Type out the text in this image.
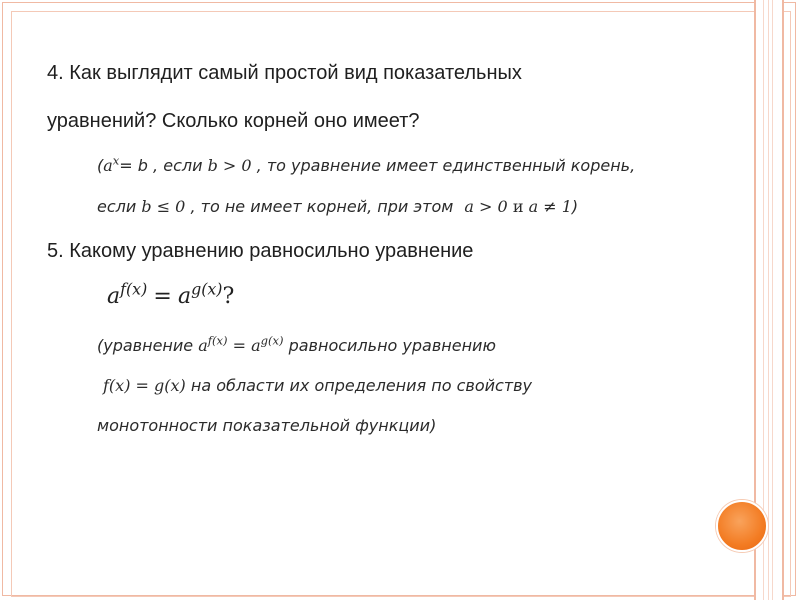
4. Как выглядит самый простой вид показательных
уравнений? Сколько корней оно имеет?
($a^x= b$ , если b > 0 , то уравнение имеет единственный корень,
если b ≤ 0 , то не имеет корней, при этом a > 0 и a ≠ 1)
5. Какому уравнению равносильно уравнение
$a^{f(x)} = a^{g(x)}$?
(уравнение $a^{f(x)} = a^{g(x)}$ равносильно уравнению
f(x) = g(x) на области их определения по свойству
монотонности показательной функции)
